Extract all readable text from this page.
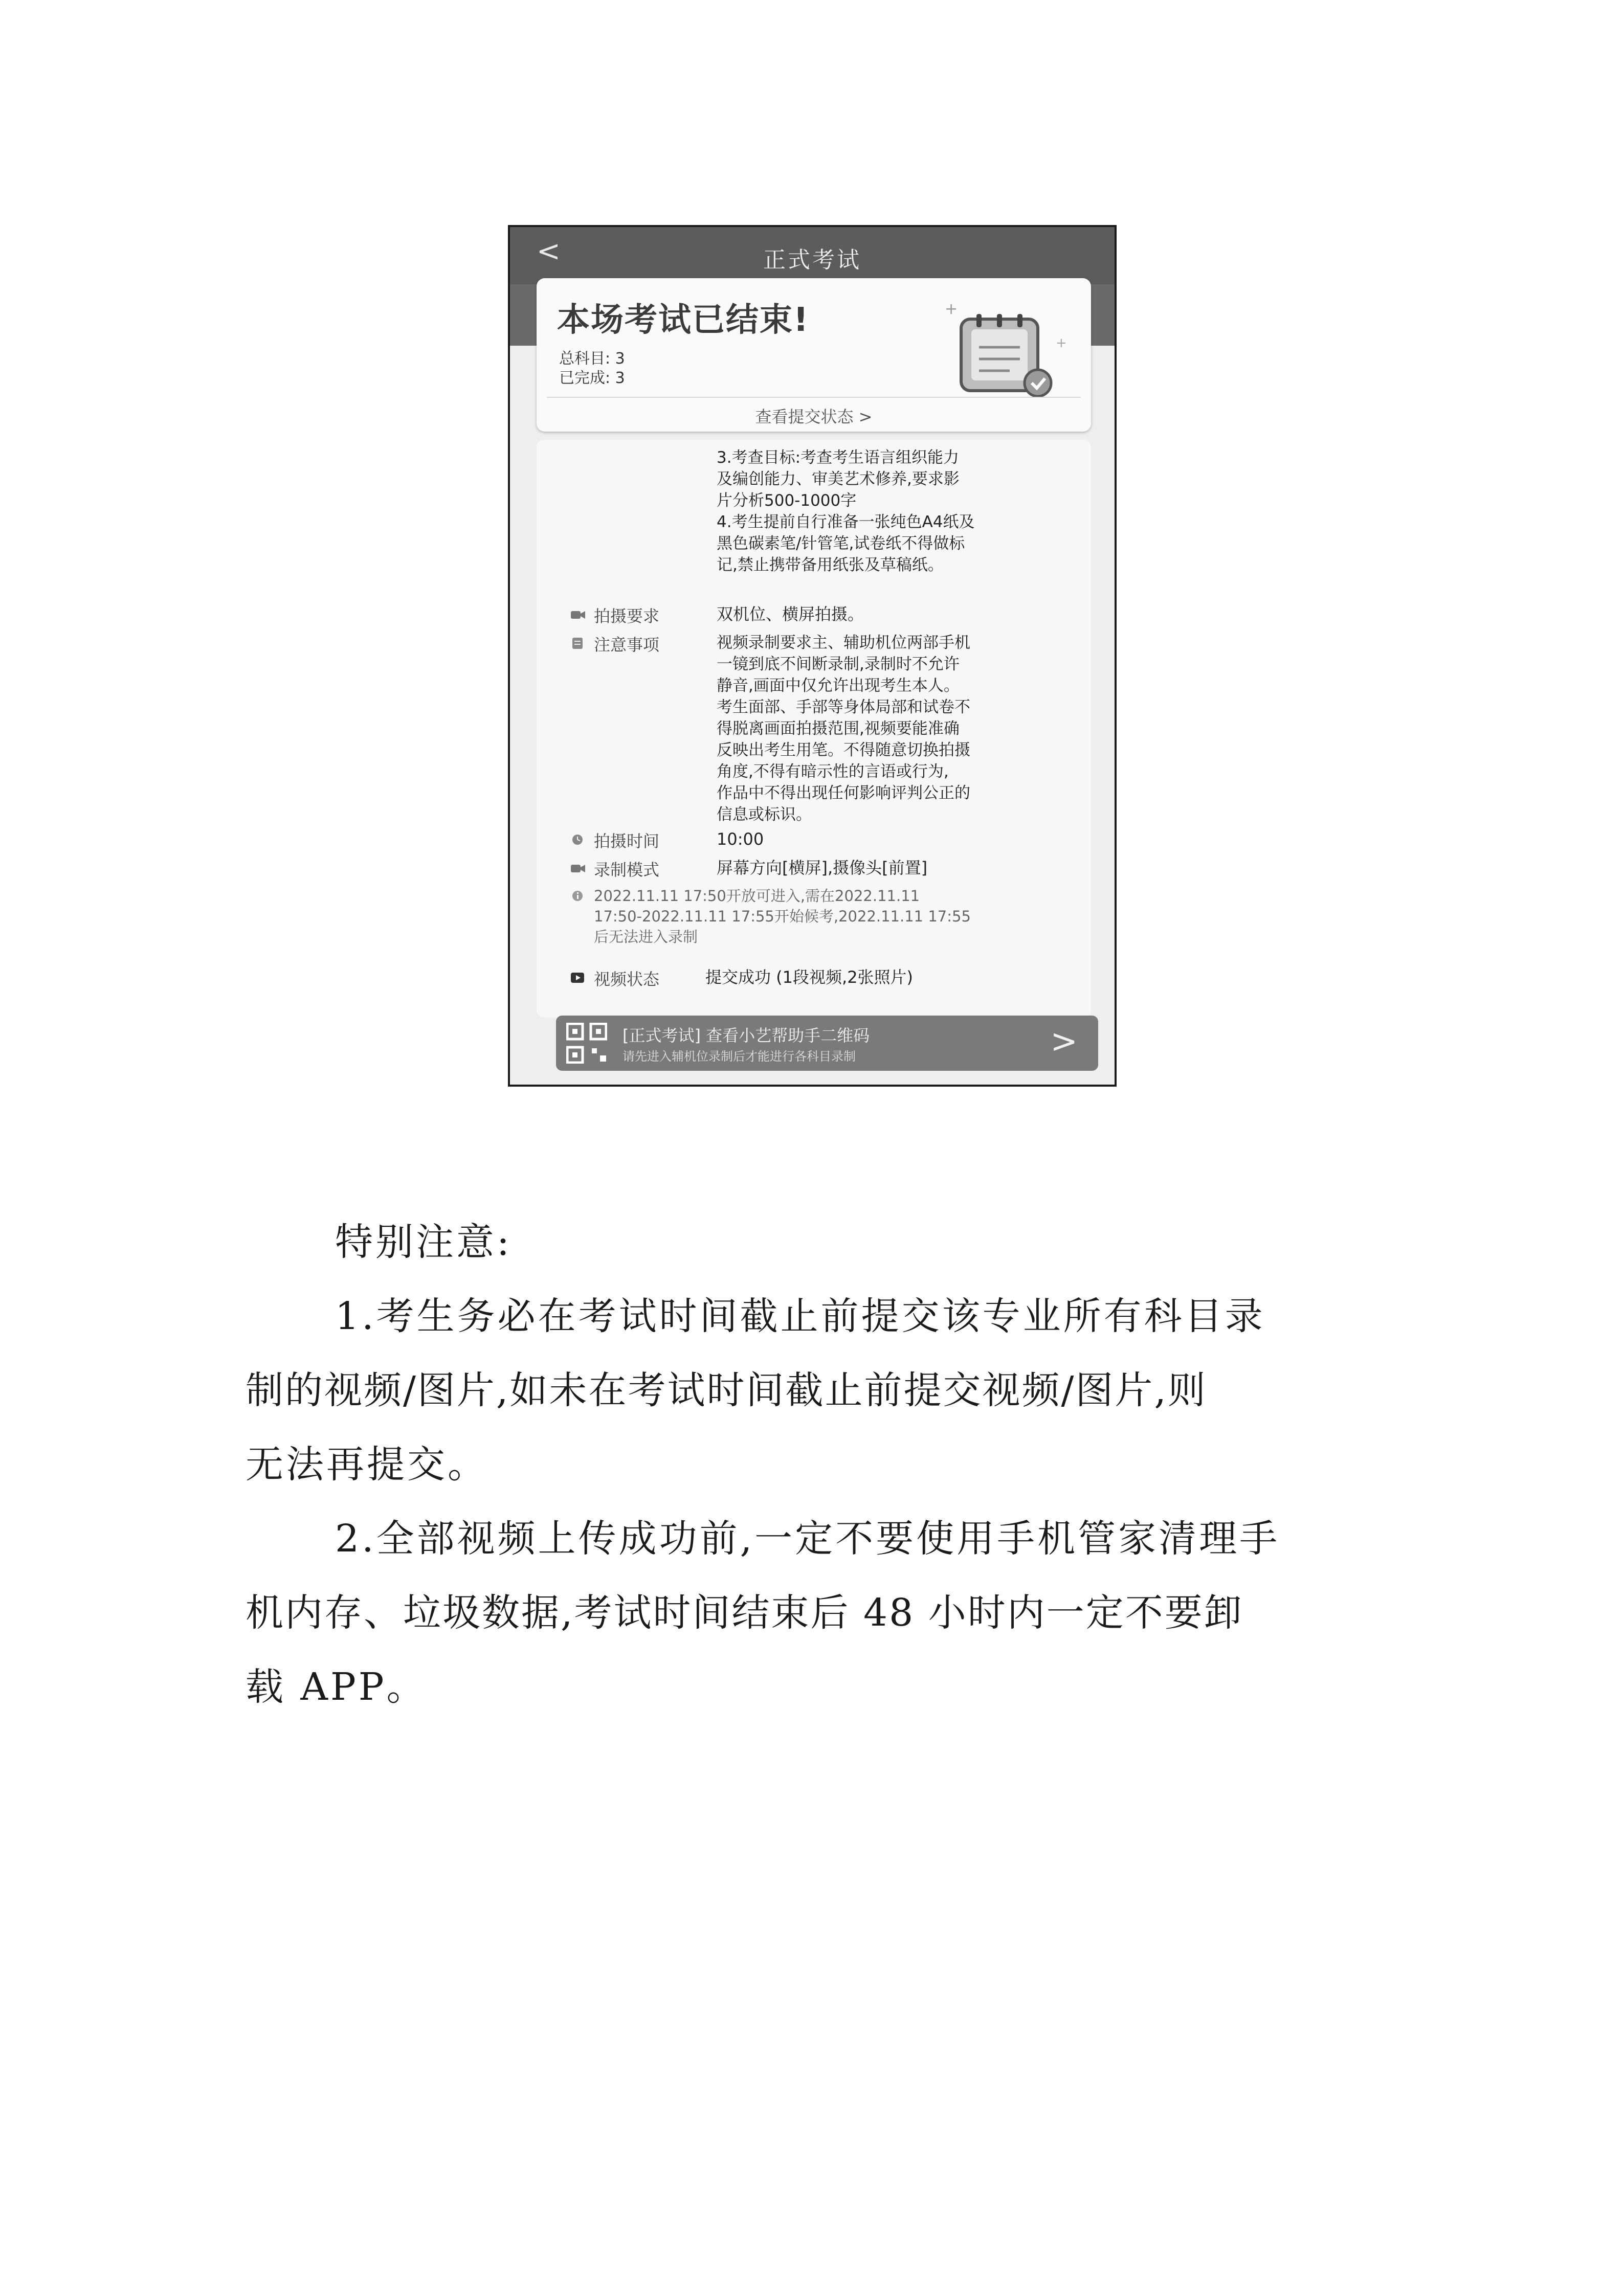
<	正式考试
本场考试已结束!
总科目: 3
已完成: 3
+
+
查看提交状态 >
3.考查目标:考查考生语言组织能力
及编创能力、审美艺术修养,要求影
片分析500-1000字
4.考生提前自行准备一张纯色A4纸及
黑色碳素笔/针管笔,试卷纸不得做标
记,禁止携带备用纸张及草稿纸。
拍摄要求	双机位、横屏拍摄。
注意事项	视频录制要求主、辅助机位两部手机
一镜到底不间断录制,录制时不允许
静音,画面中仅允许出现考生本人。
考生面部、手部等身体局部和试卷不
得脱离画面拍摄范围,视频要能准确
反映出考生用笔。不得随意切换拍摄
角度,不得有暗示性的言语或行为,
作品中不得出现任何影响评判公正的
信息或标识。
拍摄时间	10:00
录制模式	屏幕方向[横屏],摄像头[前置]
2022.11.11 17:50开放可进入,需在2022.11.11
17:50-2022.11.11 17:55开始候考,2022.11.11 17:55
后无法进入录制
视频状态	提交成功 (1段视频,2张照片)
[正式考试] 查看小艺帮助手二维码
请先进入辅机位录制后才能进行各科目录制	>
特别注意:
1.考生务必在考试时间截止前提交该专业所有科目录
制的视频/图片,如未在考试时间截止前提交视频/图片,则
无法再提交。
2.全部视频上传成功前,一定不要使用手机管家清理手
机内存、垃圾数据,考试时间结束后 48 小时内一定不要卸
载 APP。
